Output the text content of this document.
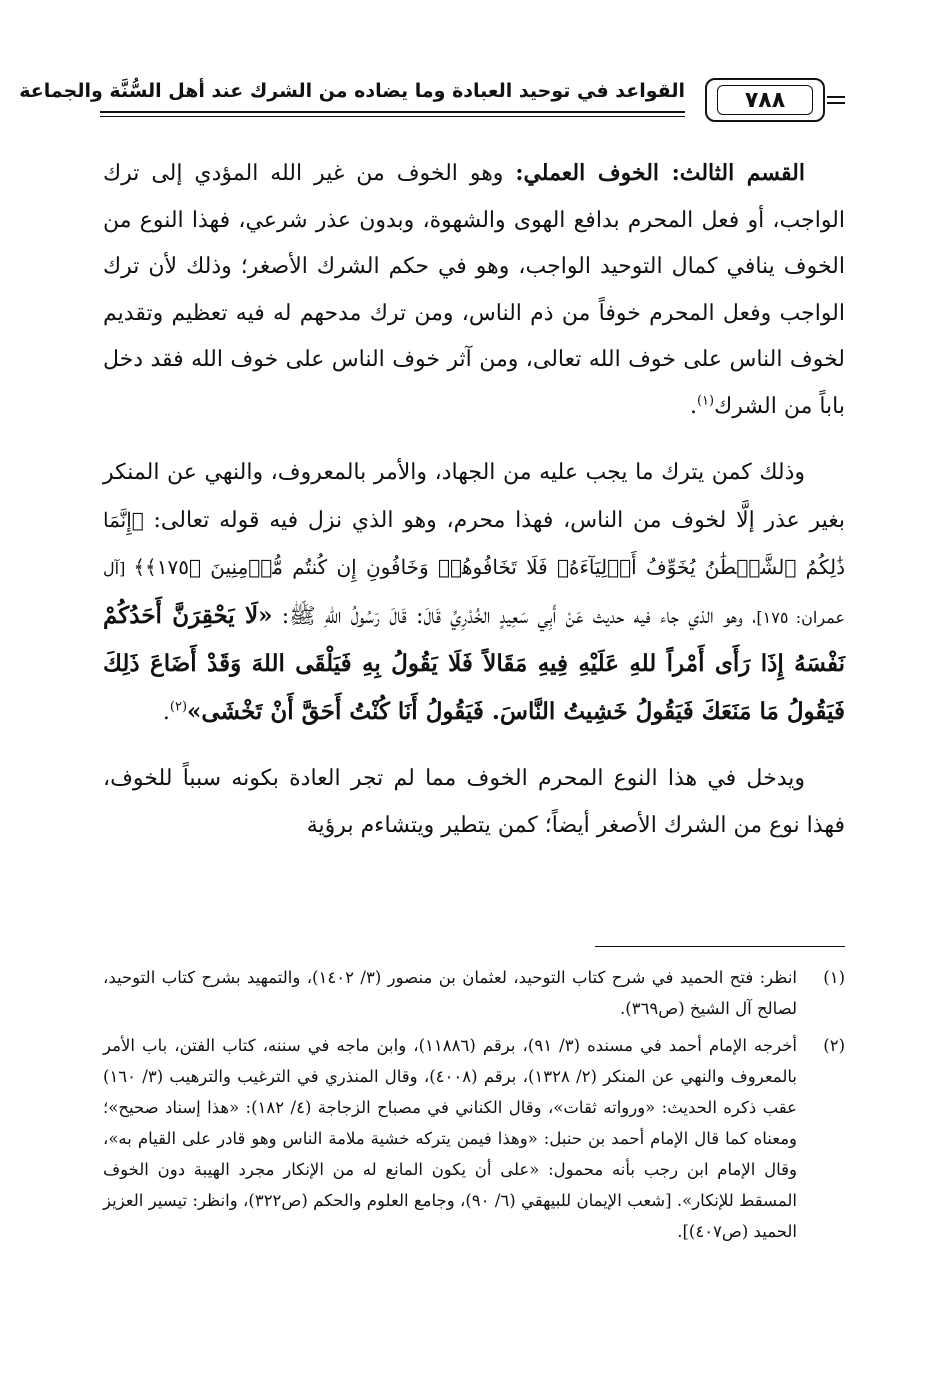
القواعد في توحيد العبادة وما يضاده من الشرك عند أهل السُّنَّة والجماعة	٧٨٨

القسم الثالث: الخوف العملي: وهو الخوف من غير الله المؤدي إلى ترك الواجب، أو فعل المحرم بدافع الهوى والشهوة، وبدون عذر شرعي، فهذا النوع من الخوف ينافي كمال التوحيد الواجب، وهو في حكم الشرك الأصغر؛ وذلك لأن ترك الواجب وفعل المحرم خوفاً من ذم الناس، ومن ترك مدحهم له فيه تعظيم وتقديم لخوف الناس على خوف الله تعالى، ومن آثر خوف الناس على خوف الله فقد دخل باباً من الشرك$^{(١)}$.

وذلك كمن يترك ما يجب عليه من الجهاد، والأمر بالمعروف، والنهي عن المنكر بغير عذر إلَّا لخوف من الناس، فهذا محرم، وهو الذي نزل فيه قوله تعالى: ﴿إِنَّمَا ذَٰلِكُمُ ٱلشَّيۡطَٰنُ يُخَوِّفُ أَوۡلِيَآءَهُۥ فَلَا تَخَافُوهُمۡ وَخَافُونِ إِن كُنتُم مُّؤۡمِنِينَ ﴿١٧٥﴾﴾ [آل عمران: ١٧٥]، وهو الذي جاء فيه حديث عَنْ أَبِي سَعِيدٍ الخُدْرِيِّ قَالَ: قَالَ رَسُولُ اللهِ ﷺ: «لَا يَحْقِرَنَّ أَحَدُكُمْ نَفْسَهُ إِذَا رَأَى أَمْراً للهِ عَلَيْهِ فِيهِ مَقَالاً فَلَا يَقُولُ بِهِ فَيَلْقَى اللهَ وَقَدْ أَضَاعَ ذَلِكَ فَيَقُولُ مَا مَنَعَكَ فَيَقُولُ خَشِيتُ النَّاسَ. فَيَقُولُ أَنَا كُنْتُ أَحَقَّ أَنْ تَخْشَى»$^{(٢)}$.

ويدخل في هذا النوع المحرم الخوف مما لم تجر العادة بكونه سبباً للخوف، فهذا نوع من الشرك الأصغر أيضاً؛ كمن يتطير ويتشاءم برؤية

(١)
انظر: فتح الحميد في شرح كتاب التوحيد، لعثمان بن منصور (٣/ ١٤٠٢)، والتمهيد بشرح كتاب التوحيد، لصالح آل الشيخ (ص٣٦٩).
(٢)
أخرجه الإمام أحمد في مسنده (٣/ ٩١)، برقم (١١٨٨٦)، وابن ماجه في سننه، كتاب الفتن، باب الأمر بالمعروف والنهي عن المنكر (٢/ ١٣٢٨)، برقم (٤٠٠٨)، وقال المنذري في الترغيب والترهيب (٣/ ١٦٠) عقب ذكره الحديث: «ورواته ثقات»، وقال الكناني في مصباح الزجاجة (٤/ ١٨٢): «هذا إسناد صحيح»؛ ومعناه كما قال الإمام أحمد بن حنبل: «وهذا فيمن يتركه خشية ملامة الناس وهو قادر على القيام به»، وقال الإمام ابن رجب بأنه محمول: «على أن يكون المانع له من الإنكار مجرد الهيبة دون الخوف المسقط للإنكار». [شعب الإيمان للبيهقي (٦/ ٩٠)، وجامع العلوم والحكم (ص٣٢٢)، وانظر: تيسير العزيز الحميد (ص٤٠٧)].
